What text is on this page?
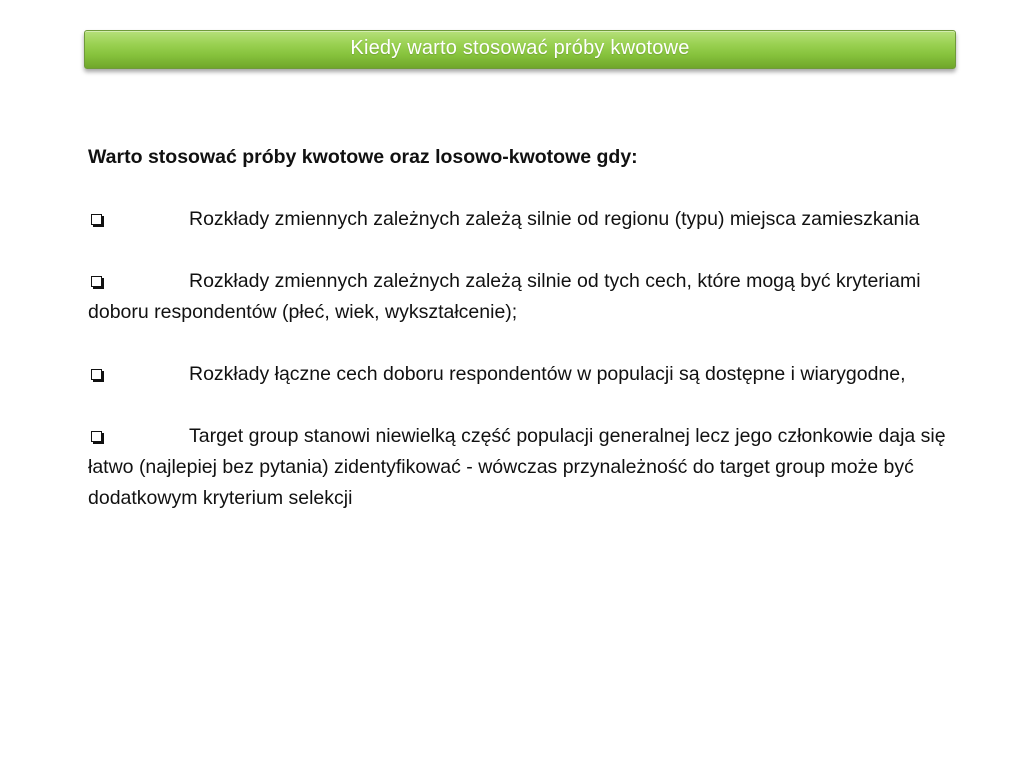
Kiedy warto stosować próby kwotowe
Warto stosować próby kwotowe oraz losowo-kwotowe gdy:
Rozkłady zmiennych zależnych zależą silnie od regionu (typu) miejsca zamieszkania
Rozkłady zmiennych zależnych zależą silnie od tych cech, które mogą być kryteriami doboru respondentów (płeć, wiek, wykształcenie);
Rozkłady łączne cech doboru respondentów w populacji są dostępne i wiarygodne,
Target group stanowi niewielką część populacji generalnej lecz jego członkowie daja się łatwo (najlepiej bez pytania) zidentyfikować - wówczas przynależność do target group może być dodatkowym kryterium selekcji
